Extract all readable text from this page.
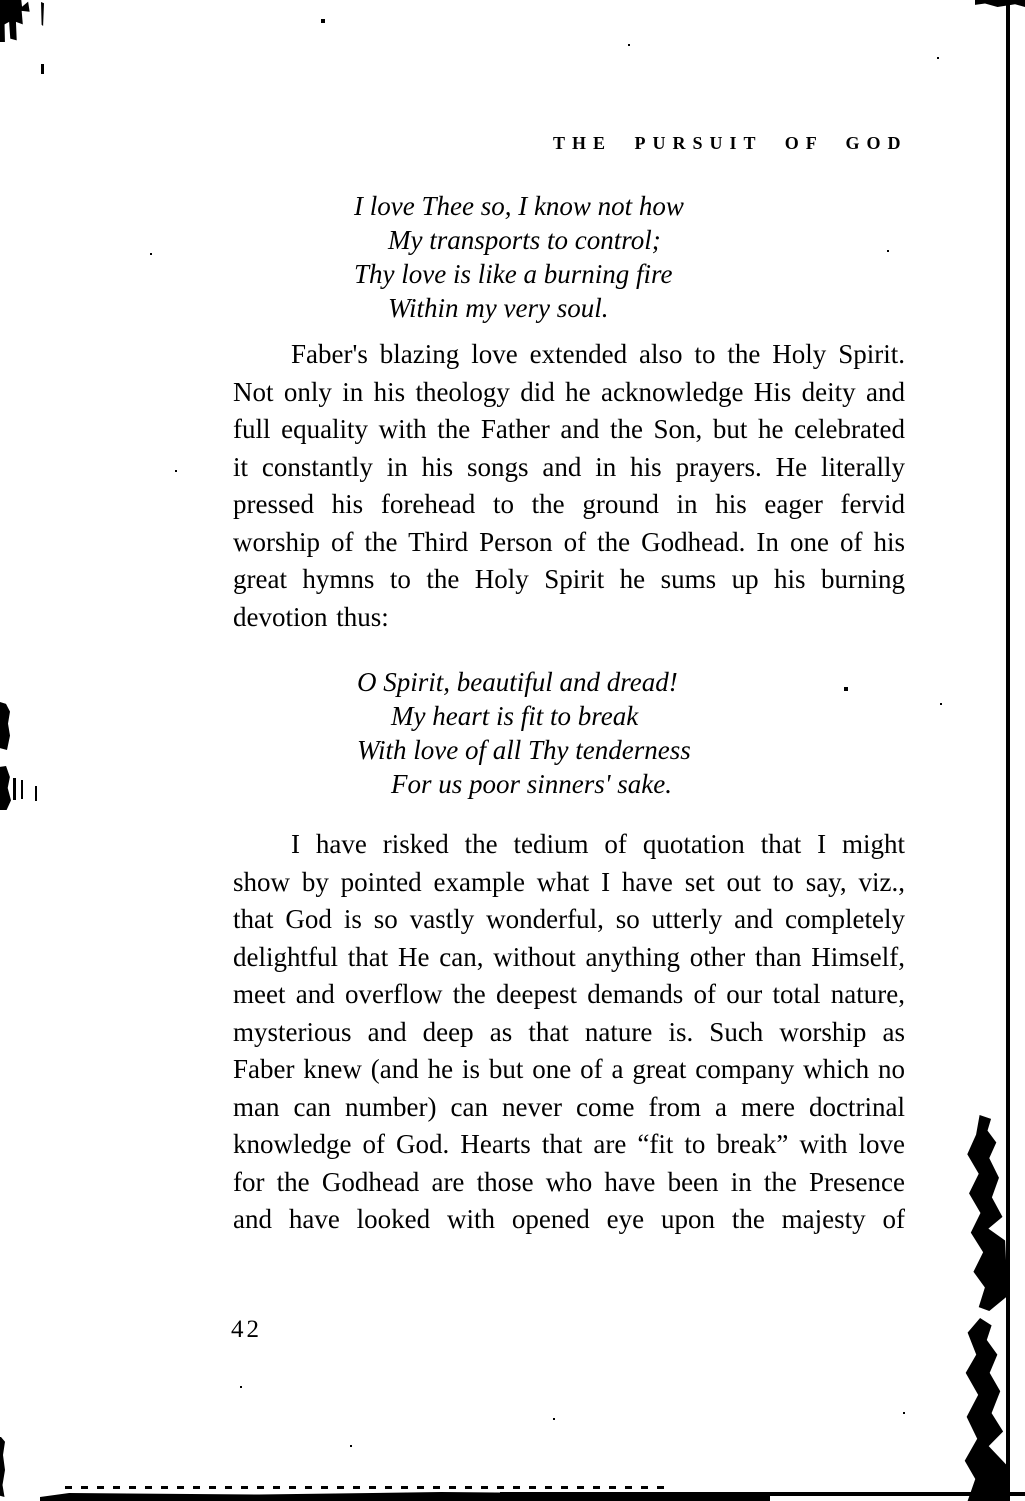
THE PURSUIT OF GOD
I love Thee so, I know not how
My transports to control;
Thy love is like a burning fire
Within my very soul.

Faber's blazing love extended also to the Holy Spirit. Not only in his theology did he acknowledge His deity and full equality with the Father and the Son, but he celebrated it constantly in his songs and in his prayers. He literally pressed his forehead to the ground in his eager fervid worship of the Third Person of the Godhead. In one of his great hymns to the Holy Spirit he sums up his burning devotion thus:

O Spirit, beautiful and dread!
My heart is fit to break
With love of all Thy tenderness
For us poor sinners' sake.

I have risked the tedium of quotation that I might show by pointed example what I have set out to say, viz., that God is so vastly wonderful, so utterly and completely delightful that He can, without anything other than Himself, meet and overflow the deepest demands of our total nature, mysterious and deep as that nature is. Such worship as Faber knew (and he is but one of a great company which no man can number) can never come from a mere doctrinal knowledge of God. Hearts that are “fit to break” with love for the Godhead are those who have been in the Presence and have looked with opened eye upon the majesty of

42
